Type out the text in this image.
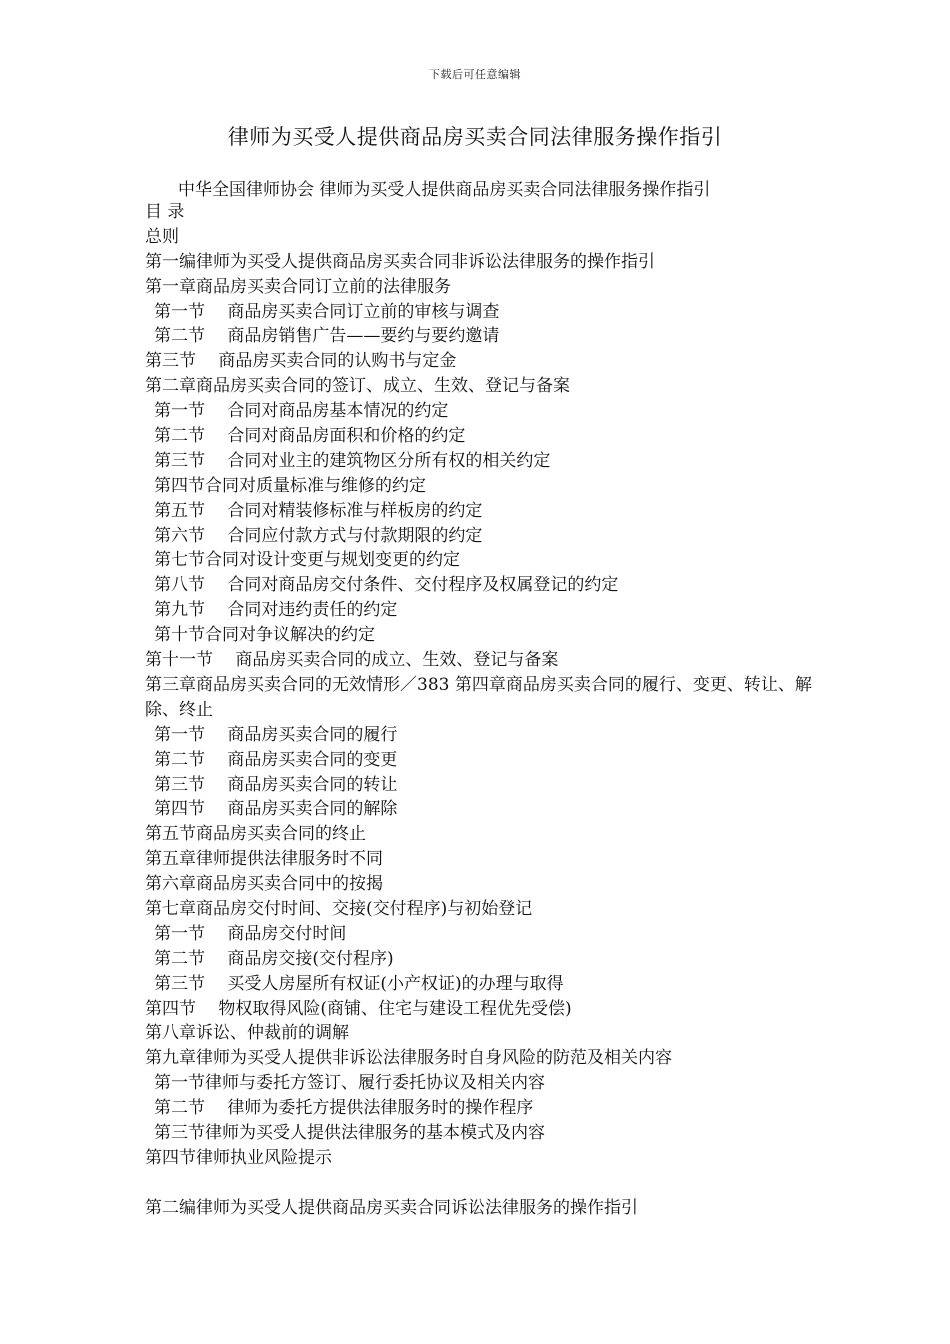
下载后可任意编辑
律师为买受人提供商品房买卖合同法律服务操作指引
中华全国律师协会 律师为买受人提供商品房买卖合同法律服务操作指引
目 录
总则
第一编律师为买受人提供商品房买卖合同非诉讼法律服务的操作指引
第一章商品房买卖合同订立前的法律服务
第一节　 商品房买卖合同订立前的审核与调查
第二节　 商品房销售广告——要约与要约邀请
第三节　 商品房买卖合同的认购书与定金
第二章商品房买卖合同的签订、成立、生效、登记与备案
第一节　 合同对商品房基本情况的约定
第二节　 合同对商品房面积和价格的约定
第三节　 合同对业主的建筑物区分所有权的相关约定
第四节合同对质量标准与维修的约定
第五节　 合同对精装修标准与样板房的约定
第六节　 合同应付款方式与付款期限的约定
第七节合同对设计变更与规划变更的约定
第八节　 合同对商品房交付条件、交付程序及权属登记的约定
第九节　 合同对违约责任的约定
第十节合同对争议解决的约定
第十一节　 商品房买卖合同的成立、生效、登记与备案
第三章商品房买卖合同的无效情形／383 第四章商品房买卖合同的履行、变更、转让、解除、终止
第一节　 商品房买卖合同的履行
第二节　 商品房买卖合同的变更
第三节　 商品房买卖合同的转让
第四节　 商品房买卖合同的解除
第五节商品房买卖合同的终止
第五章律师提供法律服务时不同
第六章商品房买卖合同中的按揭
第七章商品房交付时间、交接(交付程序)与初始登记
第一节　 商品房交付时间
第二节　 商品房交接(交付程序)
第三节　 买受人房屋所有权证(小产权证)的办理与取得
第四节　 物权取得风险(商铺、住宅与建设工程优先受偿)
第八章诉讼、仲裁前的调解
第九章律师为买受人提供非诉讼法律服务时自身风险的防范及相关内容
第一节律师与委托方签订、履行委托协议及相关内容
第二节　 律师为委托方提供法律服务时的操作程序
第三节律师为买受人提供法律服务的基本模式及内容
第四节律师执业风险提示
第二编律师为买受人提供商品房买卖合同诉讼法律服务的操作指引
